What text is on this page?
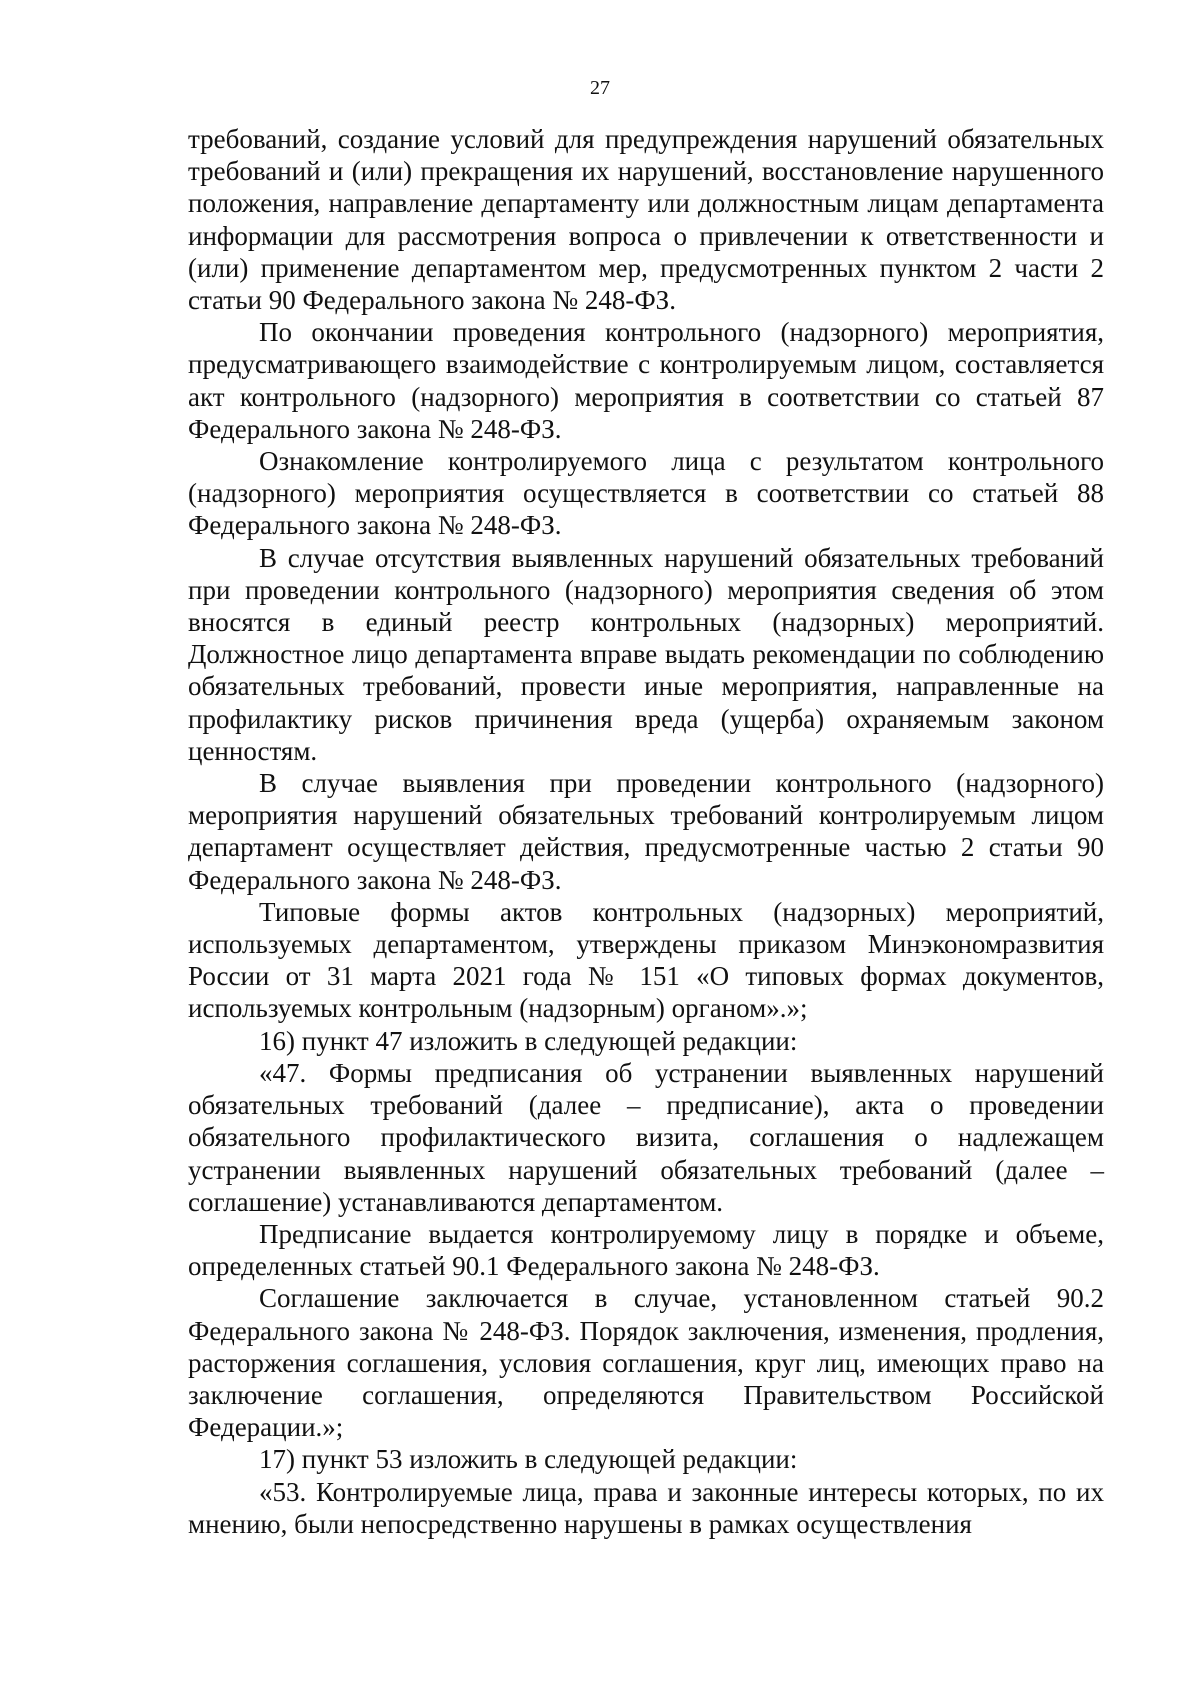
27

требований, создание условий для предупреждения нарушений обязательных требований и (или) прекращения их нарушений, восстановление нарушенного положения, направление департаменту или должностным лицам департамента информации для рассмотрения вопроса о привлечении к ответственности и (или) применение департаментом мер, предусмотренных пунктом 2 части 2 статьи 90 Федерального закона № 248-ФЗ.

По окончании проведения контрольного (надзорного) мероприятия, предусматривающего взаимодействие с контролируемым лицом, составляется акт контрольного (надзорного) мероприятия в соответствии со статьей 87 Федерального закона № 248-ФЗ.

Ознакомление контролируемого лица с результатом контрольного (надзорного) мероприятия осуществляется в соответствии со статьей 88 Федерального закона № 248-ФЗ.

В случае отсутствия выявленных нарушений обязательных требований при проведении контрольного (надзорного) мероприятия сведения об этом вносятся в единый реестр контрольных (надзорных) мероприятий. Должностное лицо департамента вправе выдать рекомендации по соблюдению обязательных требований, провести иные мероприятия, направленные на профилактику рисков причинения вреда (ущерба) охраняемым законом ценностям.

В случае выявления при проведении контрольного (надзорного) мероприятия нарушений обязательных требований контролируемым лицом департамент осуществляет действия, предусмотренные частью 2 статьи 90 Федерального закона № 248-ФЗ.

Типовые формы актов контрольных (надзорных) мероприятий, используемых департаментом, утверждены приказом Минэкономразвития России от 31 марта 2021 года № 151 «О типовых формах документов, используемых контрольным (надзорным) органом».»;

16) пункт 47 изложить в следующей редакции:

«47. Формы предписания об устранении выявленных нарушений обязательных требований (далее – предписание), акта о проведении обязательного профилактического визита, соглашения о надлежащем устранении выявленных нарушений обязательных требований (далее – соглашение) устанавливаются департаментом.

Предписание выдается контролируемому лицу в порядке и объеме, определенных статьей 90.1 Федерального закона № 248-ФЗ.

Соглашение заключается в случае, установленном статьей 90.2 Федерального закона № 248-ФЗ. Порядок заключения, изменения, продления, расторжения соглашения, условия соглашения, круг лиц, имеющих право на заключение соглашения, определяются Правительством Российской Федерации.»;

17) пункт 53 изложить в следующей редакции:

«53. Контролируемые лица, права и законные интересы которых, по их мнению, были непосредственно нарушены в рамках осуществления
